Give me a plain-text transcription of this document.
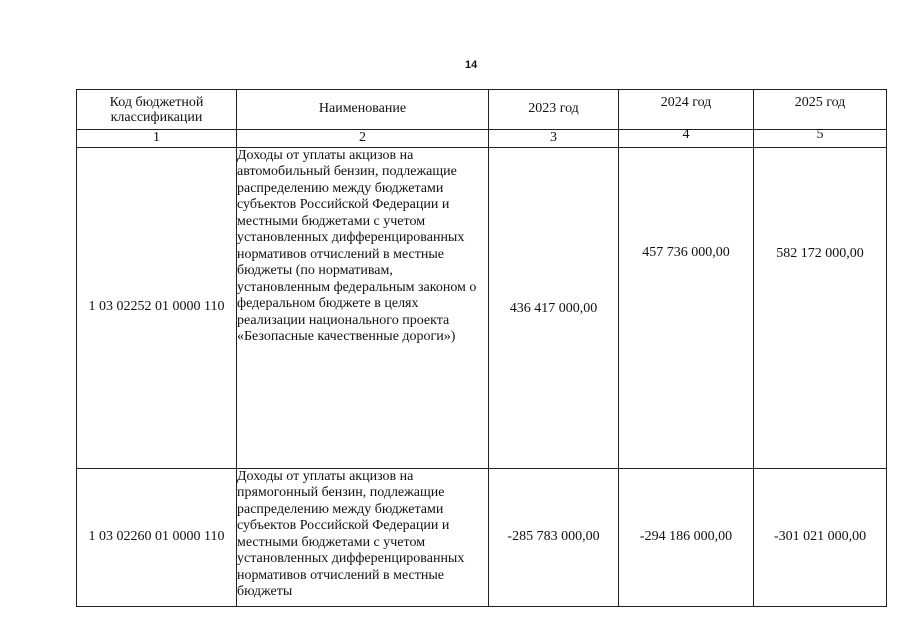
14
Код бюджетной классификации	Наименование	2023 год	2024 год	2025 год
1	2	3	4	5
1 03 02252 01 0000 110	Доходы от уплаты акцизов на автомобильный бензин, подлежащие распределению между бюджетами субъектов Российской Федерации и местными бюджетами с учетом установленных дифференцированных нормативов отчислений в местные бюджеты (по нормативам, установленным федеральным законом о федеральном бюджете в целях реализации национального проекта «Безопасные качественные дороги»)	436 417 000,00	457 736 000,00	582 172 000,00
1 03 02260 01 0000 110	Доходы от уплаты акцизов на прямогонный бензин, подлежащие распределению между бюджетами субъектов Российской Федерации и местными бюджетами с учетом установленных дифференцированных нормативов отчислений в местные бюджеты	-285 783 000,00	-294 186 000,00	-301 021 000,00
